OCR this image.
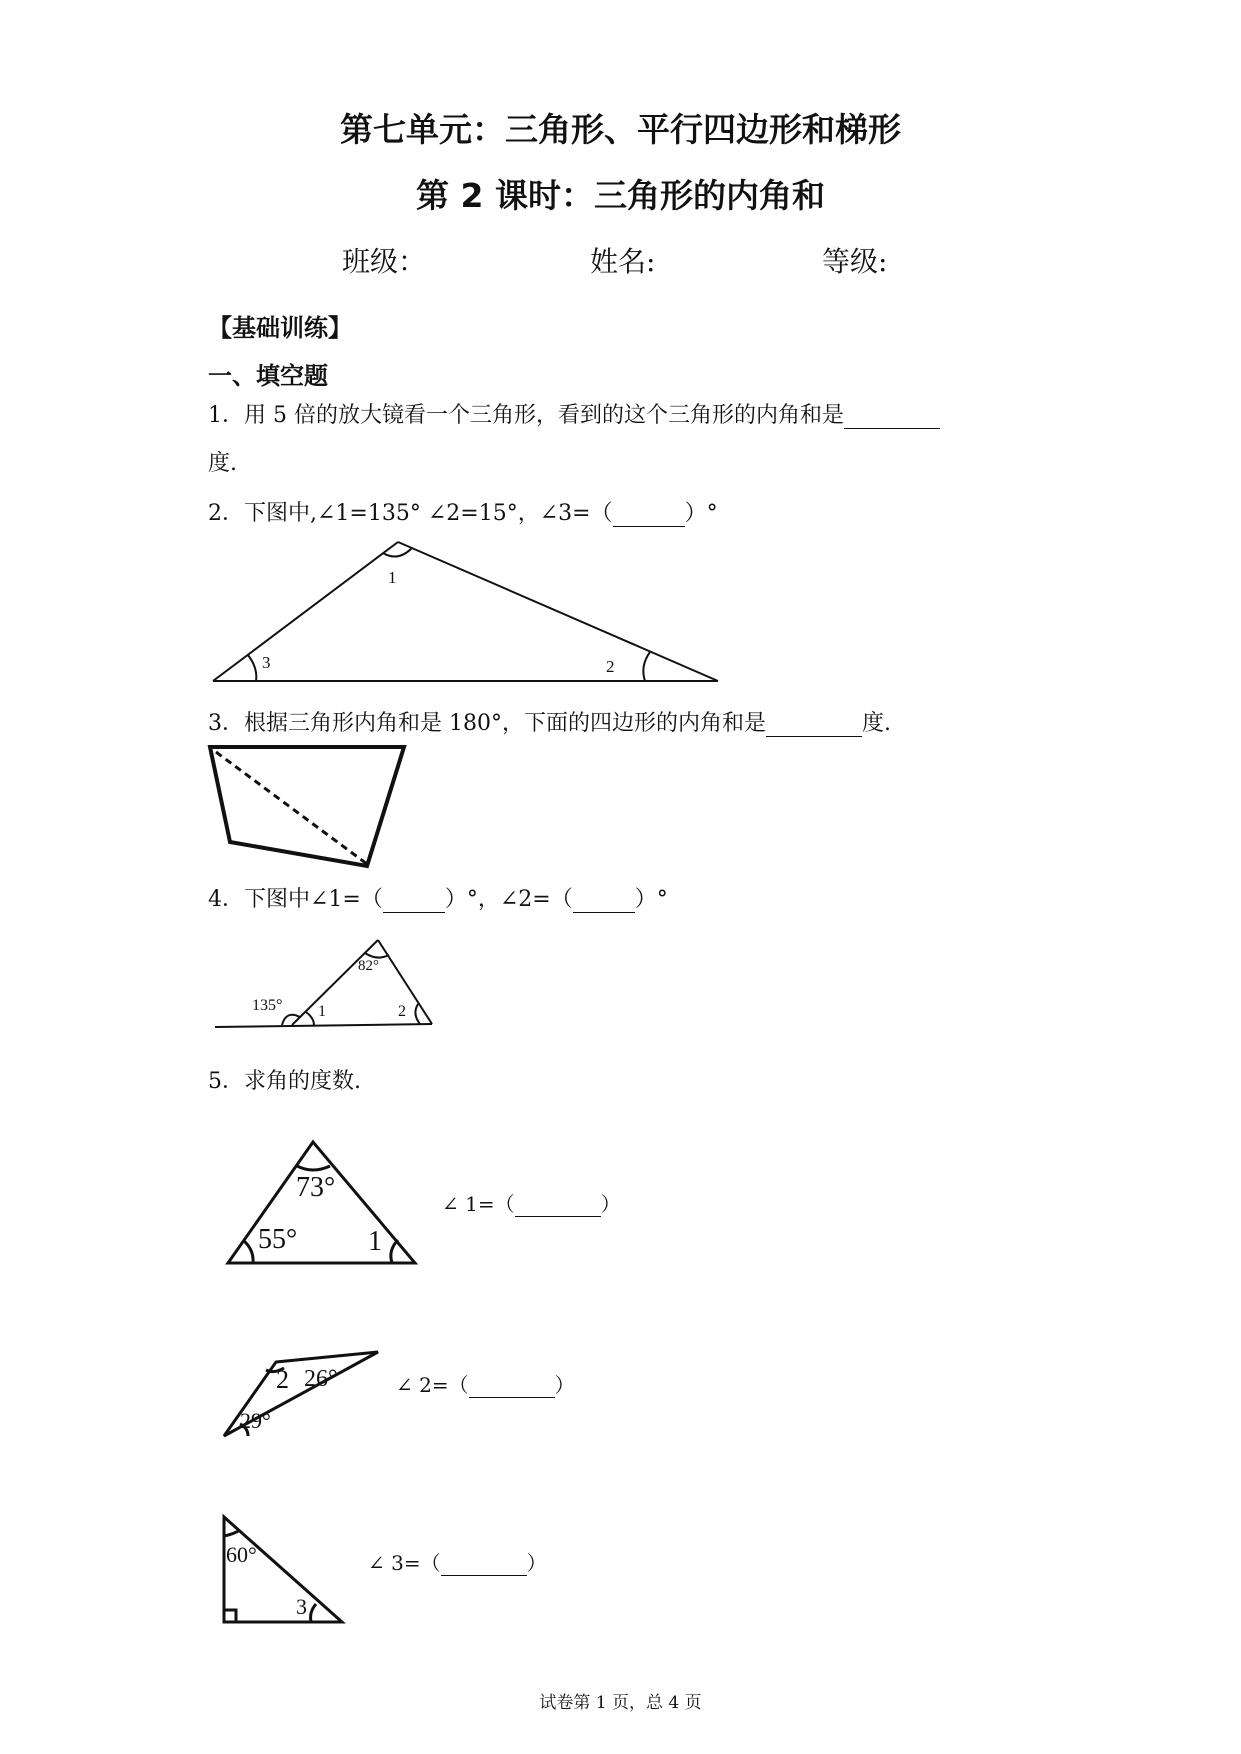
第七单元：三角形、平行四边形和梯形
第 2 课时：三角形的内角和
班级：	姓名:	等级:
【基础训练】
一、填空题
1．用 5 倍的放大镜看一个三角形，看到的这个三角形的内角和是
度.
2．下图中,∠1=135° ∠2=15°，∠3=（	）°
1
3	2
3．根据三角形内角和是 180°，下面的四边形的内角和是	度.
4．下图中∠1=（	）°，∠2=（	）°
82°
135° 1	2
5．求角的度数.
73°
55°	1
∠ 1=（	）
2 26°
29°
∠ 2=（	）
60°
3
∠ 3=（	）
试卷第 1 页，总 4 页
